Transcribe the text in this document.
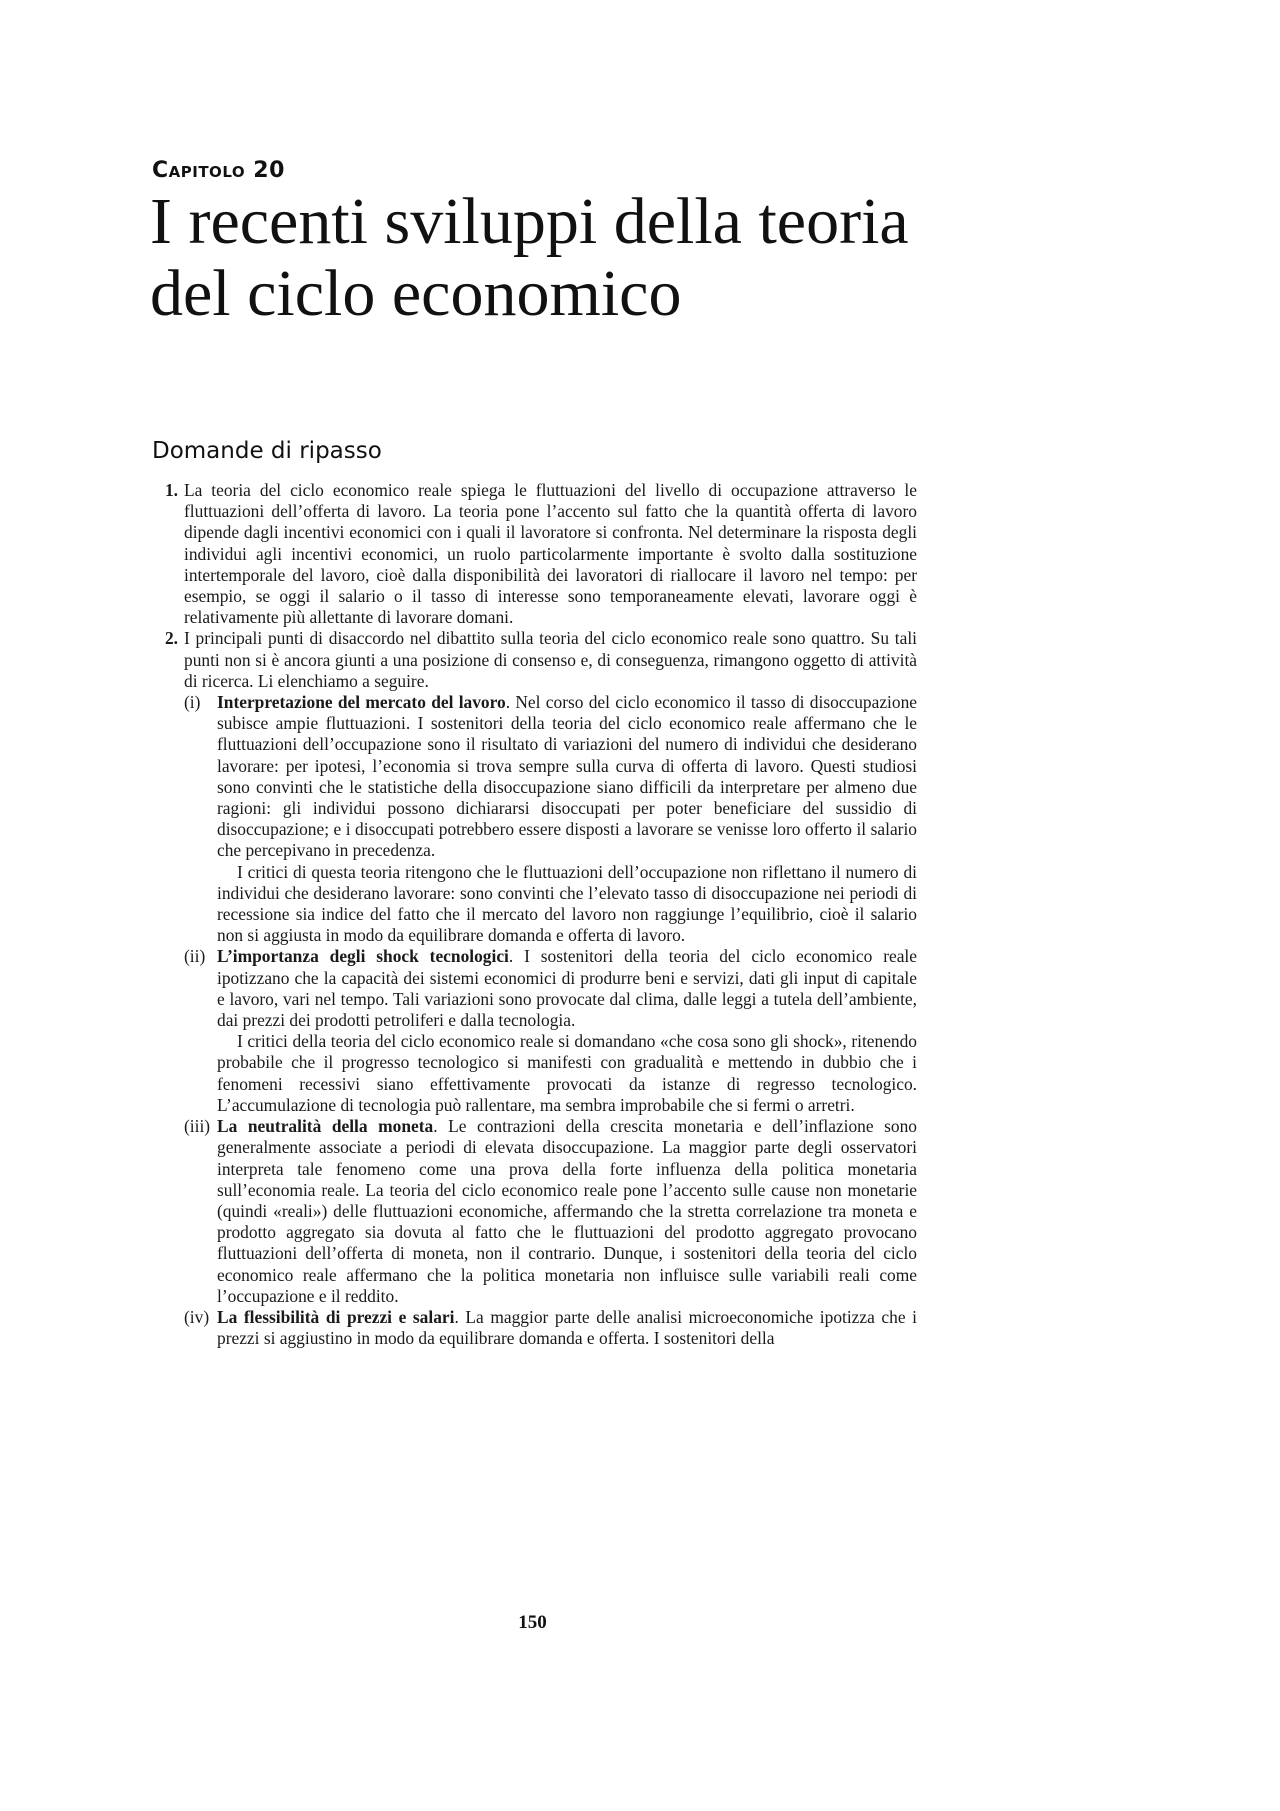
Capitolo 20
I recenti sviluppi della teoria del ciclo economico
Domande di ripasso
1. La teoria del ciclo economico reale spiega le fluttuazioni del livello di occupazione attraverso le fluttuazioni dell’offerta di lavoro. La teoria pone l’accento sul fatto che la quantità offerta di lavoro dipende dagli incentivi economici con i quali il lavoratore si confronta. Nel determinare la risposta degli individui agli incentivi economici, un ruolo particolarmente importante è svolto dalla sostituzione intertemporale del lavoro, cioè dalla disponibilità dei lavoratori di riallocare il lavoro nel tempo: per esempio, se oggi il salario o il tasso di interesse sono temporaneamente elevati, lavorare oggi è relativamente più allettante di lavorare domani.

2. I principali punti di disaccordo nel dibattito sulla teoria del ciclo economico reale sono quattro. Su tali punti non si è ancora giunti a una posizione di consenso e, di conseguenza, rimangono oggetto di attività di ricerca. Li elenchiamo a seguire.

(i) Interpretazione del mercato del lavoro. Nel corso del ciclo economico il tasso di disoccupazione subisce ampie fluttuazioni. I sostenitori della teoria del ciclo economico reale affermano che le fluttuazioni dell’occupazione sono il risultato di variazioni del numero di individui che desiderano lavorare: per ipotesi, l’economia si trova sempre sulla curva di offerta di lavoro. Questi studiosi sono convinti che le statistiche della disoccupazione siano difficili da interpretare per almeno due ragioni: gli individui possono dichiararsi disoccupati per poter beneficiare del sussidio di disoccupazione; e i disoccupati potrebbero essere disposti a lavorare se venisse loro offerto il salario che percepivano in precedenza.

I critici di questa teoria ritengono che le fluttuazioni dell’occupazione non riflettano il numero di individui che desiderano lavorare: sono convinti che l’elevato tasso di disoccupazione nei periodi di recessione sia indice del fatto che il mercato del lavoro non raggiunge l’equilibrio, cioè il salario non si aggiusta in modo da equilibrare domanda e offerta di lavoro.

(ii) L’importanza degli shock tecnologici. I sostenitori della teoria del ciclo economico reale ipotizzano che la capacità dei sistemi economici di produrre beni e servizi, dati gli input di capitale e lavoro, vari nel tempo. Tali variazioni sono provocate dal clima, dalle leggi a tutela dell’ambiente, dai prezzi dei prodotti petroliferi e dalla tecnologia.

I critici della teoria del ciclo economico reale si domandano «che cosa sono gli shock», ritenendo probabile che il progresso tecnologico si manifesti con gradualità e mettendo in dubbio che i fenomeni recessivi siano effettivamente provocati da istanze di regresso tecnologico. L’accumulazione di tecnologia può rallentare, ma sembra improbabile che si fermi o arretri.

(iii) La neutralità della moneta. Le contrazioni della crescita monetaria e dell’inflazione sono generalmente associate a periodi di elevata disoccupazione. La maggior parte degli osservatori interpreta tale fenomeno come una prova della forte influenza della politica monetaria sull’economia reale. La teoria del ciclo economico reale pone l’accento sulle cause non monetarie (quindi «reali») delle fluttuazioni economiche, affermando che la stretta correlazione tra moneta e prodotto aggregato sia dovuta al fatto che le fluttuazioni del prodotto aggregato provocano fluttuazioni dell’offerta di moneta, non il contrario. Dunque, i sostenitori della teoria del ciclo economico reale affermano che la politica monetaria non influisce sulle variabili reali come l’occupazione e il reddito.

(iv) La flessibilità di prezzi e salari. La maggior parte delle analisi microeconomiche ipotizza che i prezzi si aggiustino in modo da equilibrare domanda e offerta. I sostenitori della

150
